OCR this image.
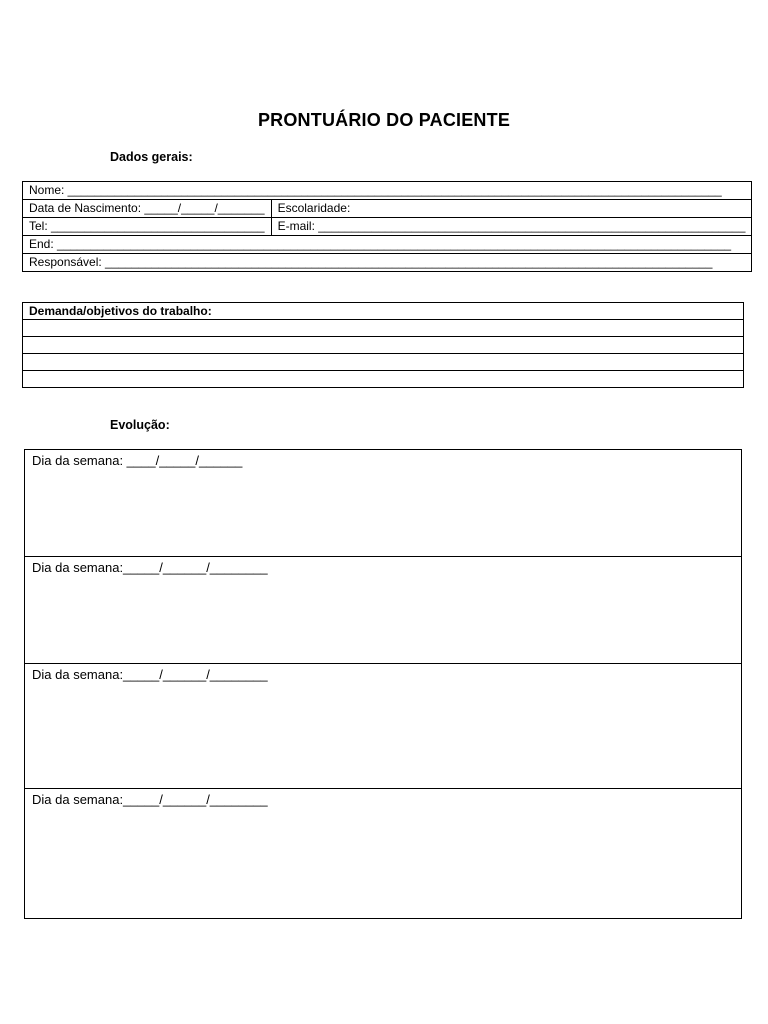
PRONTUÁRIO DO PACIENTE
Dados gerais:
Nome: __________________________________________________________________________________________________	
Data de Nascimento: _____/_____/_______	Escolaridade:
Tel: ________________________________	E-mail: ________________________________________________________________
End: _____________________________________________________________________________________________________	
Responsável: ___________________________________________________________________________________________	
Demanda/objetivos do trabalho:

Evolução:
Dia da semana: ____/_____/______
Dia da semana:_____/______/________
Dia da semana:_____/______/________
Dia da semana:_____/______/________
